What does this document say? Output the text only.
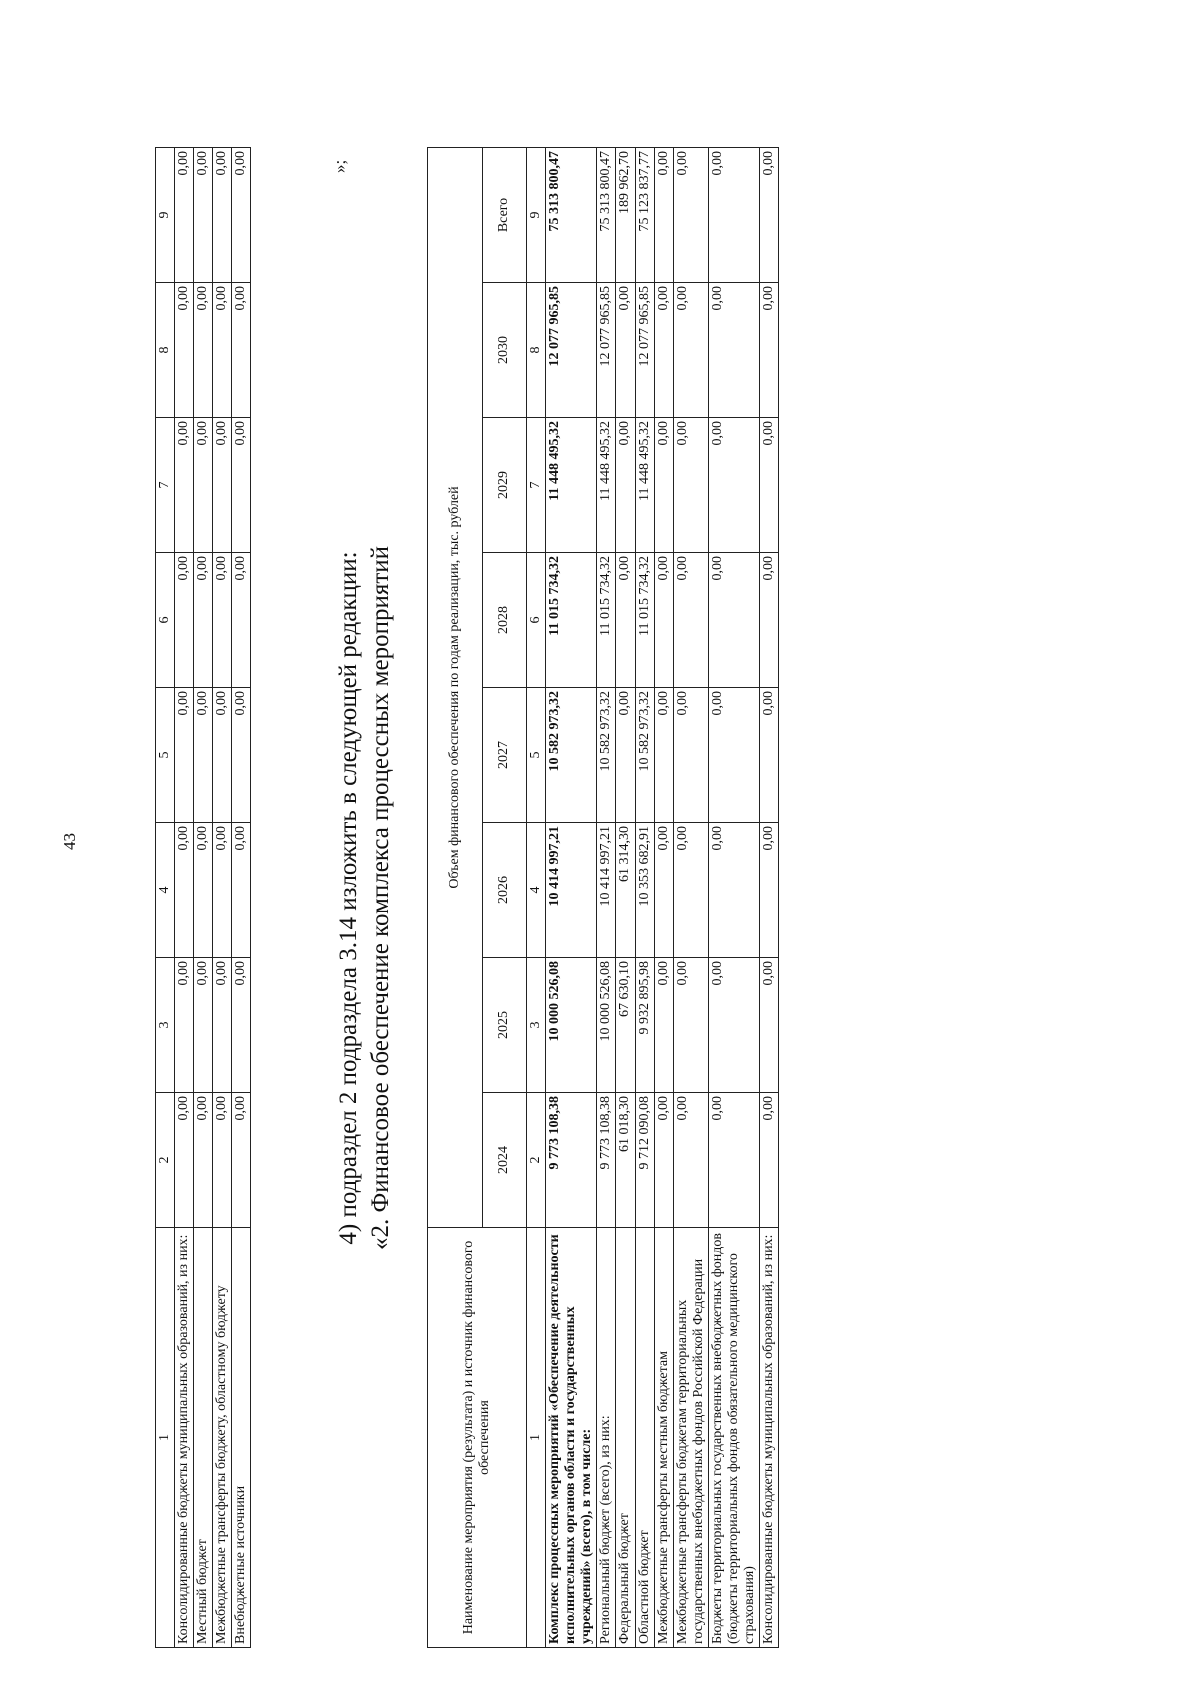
43
1	2	3	4	5	6	7	8	9
Консолидированные бюджеты муниципальных образований, из них:	0,00	0,00	0,00	0,00	0,00	0,00	0,00	0,00
Местный бюджет	0,00	0,00	0,00	0,00	0,00	0,00	0,00	0,00
Межбюджетные трансферты бюджету, областному бюджету	0,00	0,00	0,00	0,00	0,00	0,00	0,00	0,00
Внебюджетные источники	0,00	0,00	0,00	0,00	0,00	0,00	0,00	0,00	»;
4) подраздел 2 подраздела 3.14 изложить в следующей редакции: «2. Финансовое обеспечение комплекса процессных мероприятий
Наименование мероприятия (результата) и источник финансового обеспечения	Объем финансового обеспечения по годам реализации, тыс. рублей							
	2024	2025	2026	2027	2028	2029	2030	Всего
1	2	3	4	5	6	7	8	9
Комплекс процессных мероприятий «Обеспечение деятельности исполнительных органов области и государственных учреждений» (всего), в том числе:	9 773 108,38	10 000 526,08	10 414 997,21	10 582 973,32	11 015 734,32	11 448 495,32	12 077 965,85	75 313 800,47
Региональный бюджет (всего), из них:	9 773 108,38	10 000 526,08	10 414 997,21	10 582 973,32	11 015 734,32	11 448 495,32	12 077 965,85	75 313 800,47
Федеральный бюджет	61 018,30	67 630,10	61 314,30	0,00	0,00	0,00	0,00	189 962,70
Областной бюджет	9 712 090,08	9 932 895,98	10 353 682,91	10 582 973,32	11 015 734,32	11 448 495,32	12 077 965,85	75 123 837,77
Межбюджетные трансферты местным бюджетам	0,00	0,00	0,00	0,00	0,00	0,00	0,00	0,00
Межбюджетные трансферты бюджетам территориальных государственных внебюджетных фондов Российской Федерации	0,00	0,00	0,00	0,00	0,00	0,00	0,00	0,00
Бюджеты территориальных государственных внебюджетных фондов (бюджеты территориальных фондов обязательного медицинского страхования)	0,00	0,00	0,00	0,00	0,00	0,00	0,00	0,00
Консолидированные бюджеты муниципальных образований, из них:	0,00	0,00	0,00	0,00	0,00	0,00	0,00	0,00
